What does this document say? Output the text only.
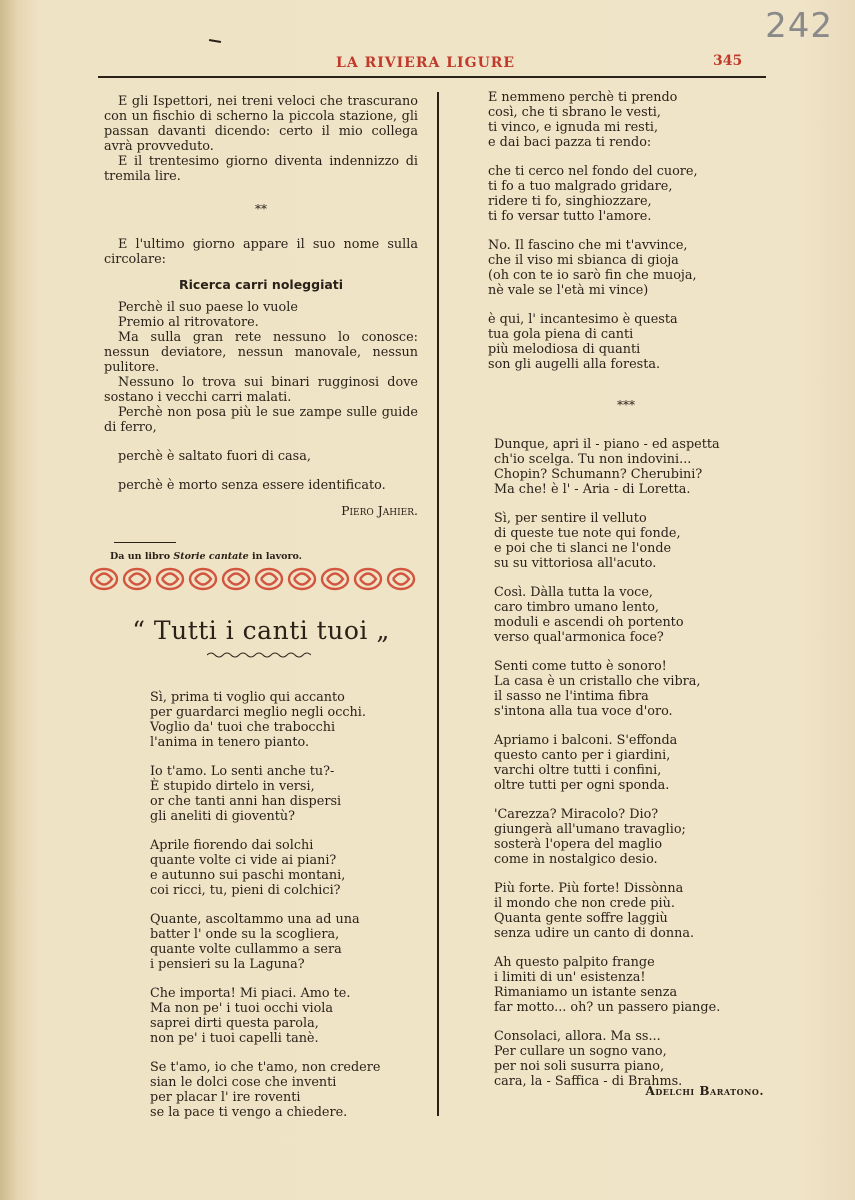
242
LA RIVIERA LIGURE	345

E gli Ispettori, nei treni veloci che trascurano con un fischio di scherno la piccola stazione, gli passan davanti dicendo: certo il mio collega avrà provveduto.

E il trentesimo giorno diventa indennizzo di tremila lire.

**

E l'ultimo giorno appare il suo nome sulla circolare:

Ricerca carri noleggiati

Perchè il suo paese lo vuole

Premio al ritrovatore.

Ma sulla gran rete nessuno lo conosce: nessun deviatore, nessun manovale, nessun pulitore.

Nessuno lo trova sui binari rugginosi dove sostano i vecchi carri malati.

Perchè non posa più le sue zampe sulle guide di ferro,

perchè è saltato fuori di casa,

perchè è morto senza essere identificato.

Piero Jahier.
Da un libro Storie cantate in lavoro.
“ Tutti i canti tuoi „
Sì, prima ti voglio qui accanto
per guardarci meglio negli occhi.
Voglio da' tuoi che trabocchi
l'anima in tenero pianto.
Io t'amo. Lo senti anche tu?-
È stupido dirtelo in versi,
or che tanti anni han dispersi
gli aneliti di gioventù?
Aprile fiorendo dai solchi
quante volte ci vide ai piani?
e autunno sui paschi montani,
coi ricci, tu, pieni di colchici?
Quante, ascoltammo una ad una
batter l' onde su la scogliera,
quante volte cullammo a sera
i pensieri su la Laguna?
Che importa! Mi piaci. Amo te.
Ma non pe' i tuoi occhi viola
saprei dirti questa parola,
non pe' i tuoi capelli tanè.
Se t'amo, io che t'amo, non credere
sian le dolci cose che inventi
per placar l' ire roventi
se la pace ti vengo a chiedere.
E nemmeno perchè ti prendo
così, che ti sbrano le vesti,
ti vinco, e ignuda mi resti,
e dai baci pazza ti rendo:
che ti cerco nel fondo del cuore,
ti fo a tuo malgrado gridare,
ridere ti fo, singhiozzare,
ti fo versar tutto l'amore.
No. Il fascino che mi t'avvince,
che il viso mi sbianca di gioja
(oh con te io sarò fin che muoja,
nè vale se l'età mi vince)
è qui, l' incantesimo è questa
tua gola piena di canti
più melodiosa di quanti
son gli augelli alla foresta.
***
Dunque, apri il - piano - ed aspetta
ch'io scelga. Tu non indovini...
Chopin? Schumann? Cherubini?
Ma che! è l' - Aria - di Loretta.
Sì, per sentire il velluto
di queste tue note qui fonde,
e poi che ti slanci ne l'onde
su su vittoriosa all'acuto.
Così. Dàlla tutta la voce,
caro timbro umano lento,
moduli e ascendi oh portento
verso qual'armonica foce?
Senti come tutto è sonoro!
La casa è un cristallo che vibra,
il sasso ne l'intima fibra
s'intona alla tua voce d'oro.
Apriamo i balconi. S'effonda
questo canto per i giardini,
varchi oltre tutti i confini,
oltre tutti per ogni sponda.
'Carezza? Miracolo? Dio?
giungerà all'umano travaglio;
sosterà l'opera del maglio
come in nostalgico desio.
Più forte. Più forte! Dissònna
il mondo che non crede più.
Quanta gente soffre laggiù
senza udire un canto di donna.
Ah questo palpito frange
i limiti di un' esistenza!
Rimaniamo un istante senza
far motto... oh? un passero piange.
Consolaci, allora. Ma ss...
Per cullare un sogno vano,
per noi soli susurra piano,
cara, la - Saffica - di Brahms.
Adelchi Baratono.
